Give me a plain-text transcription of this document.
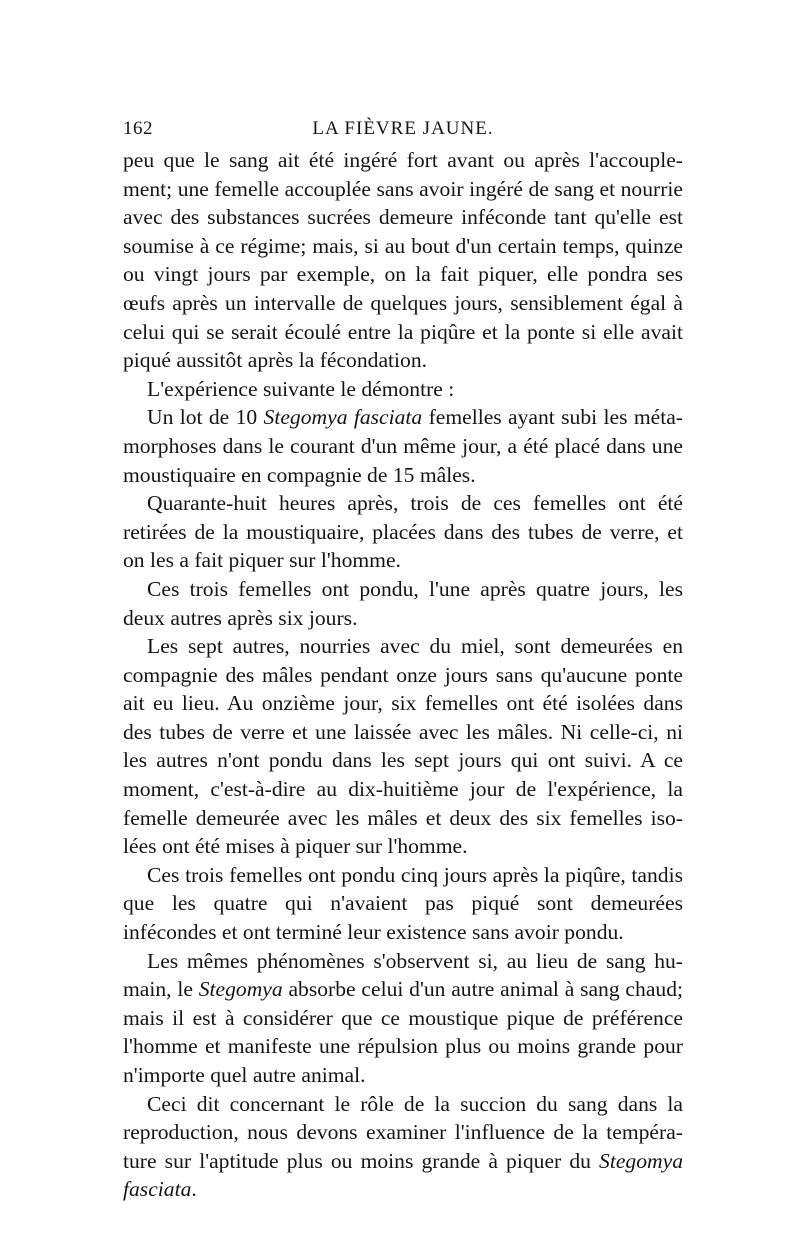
162	LA FIÈVRE JAUNE.

peu que le sang ait été ingéré fort avant ou après l'accouple-ment; une femelle accouplée sans avoir ingéré de sang et nourrie avec des substances sucrées demeure inféconde tant qu'elle est soumise à ce régime; mais, si au bout d'un certain temps, quinze ou vingt jours par exemple, on la fait piquer, elle pondra ses œufs après un intervalle de quelques jours, sensiblement égal à celui qui se serait écoulé entre la piqûre et la ponte si elle avait piqué aussitôt après la fécondation.

L'expérience suivante le démontre :

Un lot de 10 Stegomya fasciata femelles ayant subi les méta-morphoses dans le courant d'un même jour, a été placé dans une moustiquaire en compagnie de 15 mâles.

Quarante-huit heures après, trois de ces femelles ont été retirées de la moustiquaire, placées dans des tubes de verre, et on les a fait piquer sur l'homme.

Ces trois femelles ont pondu, l'une après quatre jours, les deux autres après six jours.

Les sept autres, nourries avec du miel, sont demeurées en compagnie des mâles pendant onze jours sans qu'aucune ponte ait eu lieu. Au onzième jour, six femelles ont été isolées dans des tubes de verre et une laissée avec les mâles. Ni celle-ci, ni les autres n'ont pondu dans les sept jours qui ont suivi. A ce moment, c'est-à-dire au dix-huitième jour de l'expérience, la femelle demeurée avec les mâles et deux des six femelles iso-lées ont été mises à piquer sur l'homme.

Ces trois femelles ont pondu cinq jours après la piqûre, tandis que les quatre qui n'avaient pas piqué sont demeurées infécondes et ont terminé leur existence sans avoir pondu.

Les mêmes phénomènes s'observent si, au lieu de sang hu-main, le Stegomya absorbe celui d'un autre animal à sang chaud; mais il est à considérer que ce moustique pique de préférence l'homme et manifeste une répulsion plus ou moins grande pour n'importe quel autre animal.

Ceci dit concernant le rôle de la succion du sang dans la reproduction, nous devons examiner l'influence de la tempéra-ture sur l'aptitude plus ou moins grande à piquer du Stegomya fasciata.
